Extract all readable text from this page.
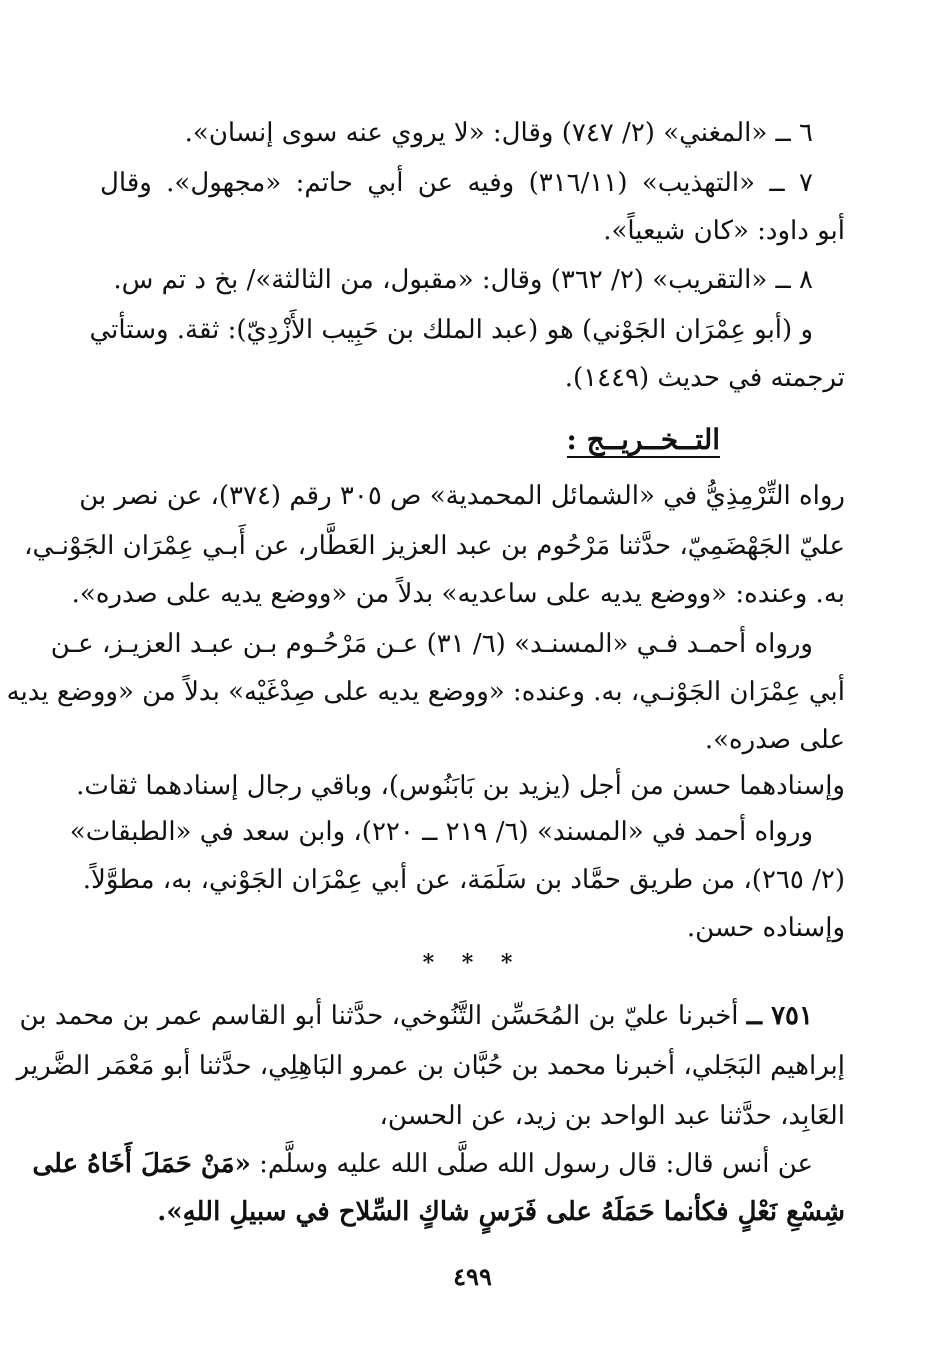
٦ ــ «المغني» (٢/ ٧٤٧) وقال: «لا يروي عنه سوى إنسان».
٧ ــ «التهذيب» (٣١٦/١١) وفيه عن أبي حاتم: «مجهول». وقال
أبو داود: «كان شيعياً».
٨ ــ «التقريب» (٢/ ٣٦٢) وقال: «مقبول، من الثالثة»/ بخ د تم س.
و (أبو عِمْرَان الجَوْني) هو (عبد الملك بن حَبِيب الأَزْدِيّ): ثقة. وستأتي
ترجمته في حديث (١٤٤٩).
التــخــريــج :
رواه التِّرْمِذِيُّ في «الشمائل المحمدية» ص ٣٠٥ رقم (٣٧٤)، عن نصر بن
عليّ الجَهْضَمِيّ، حدَّثنا مَرْحُوم بن عبد العزيز العَطَّار، عن أَبـي عِمْرَان الجَوْنـي،
به. وعنده: «ووضع يديه على ساعديه» بدلاً من «ووضع يديه على صدره».
ورواه أحمـد فـي «المسنـد» (٦/ ٣١) عـن مَرْحُـوم بـن عبـد العزيـز، عـن
أبي عِمْرَان الجَوْنـي، به. وعنده: «ووضع يديه على صِدْغَيْه» بدلاً من «ووضع يديه
على صدره».
وإسنادهما حسن من أجل (يزيد بن بَابَنُوس)، وباقي رجال إسنادهما ثقات.
ورواه أحمد في «المسند» (٦/ ٢١٩ ــ ٢٢٠)، وابن سعد في «الطبقات»
(٢/ ٢٦٥)، من طريق حمَّاد بن سَلَمَة، عن أبي عِمْرَان الجَوْني، به، مطوَّلاً.
وإسناده حسن.
* * *
٧٥١ ــ أخبرنا عليّ بن المُحَسِّن التَّنُوخي، حدَّثنا أبو القاسم عمر بن محمد بن
إبراهيم البَجَلي، أخبرنا محمد بن حُبَّان بن عمرو البَاهِلِي، حدَّثنا أبو مَعْمَر الضَّرير
العَابِد، حدَّثنا عبد الواحد بن زيد، عن الحسن،
عن أنس قال: قال رسول الله صلَّى الله عليه وسلَّم: «مَنْ حَمَلَ أَخَاهُ على
شِسْعِ نَعْلٍ فكأنما حَمَلَهُ على فَرَسٍ شاكٍ السِّلاح في سبيلِ اللهِ».
٤٩٩
